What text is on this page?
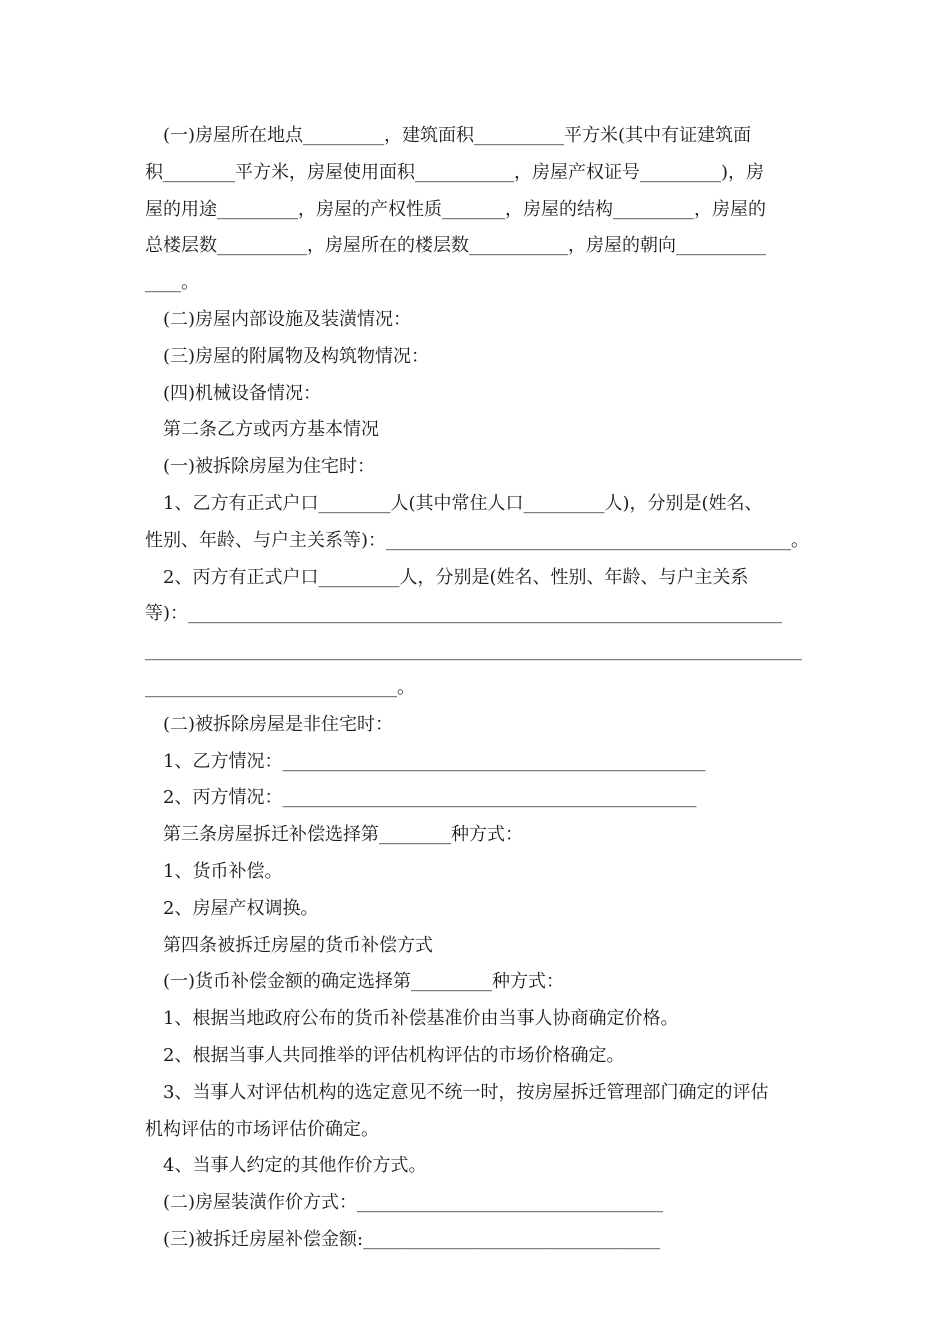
(一)房屋所在地点_________，建筑面积__________平方米(其中有证建筑面
积________平方米，房屋使用面积___________，房屋产权证号_________)，房
屋的用途_________，房屋的产权性质_______，房屋的结构_________，房屋的
总楼层数__________，房屋所在的楼层数___________，房屋的朝向__________
____。
(二)房屋内部设施及装潢情况：
(三)房屋的附属物及构筑物情况：
(四)机械设备情况：
第二条乙方或丙方基本情况
(一)被拆除房屋为住宅时：
1、乙方有正式户口________人(其中常住人口_________人)，分别是(姓名、
性别、年龄、与户主关系等)：_____________________________________________。
2、丙方有正式户口_________人，分别是(姓名、性别、年龄、与户主关系
等)：__________________________________________________________________
_________________________________________________________________________
____________________________。
(二)被拆除房屋是非住宅时：
1、乙方情况：_______________________________________________
2、丙方情况：______________________________________________
第三条房屋拆迁补偿选择第________种方式：
1、货币补偿。
2、房屋产权调换。
第四条被拆迁房屋的货币补偿方式
(一)货币补偿金额的确定选择第_________种方式：
1、根据当地政府公布的货币补偿基准价由当事人协商确定价格。
2、根据当事人共同推举的评估机构评估的市场价格确定。
3、当事人对评估机构的选定意见不统一时，按房屋拆迁管理部门确定的评估
机构评估的市场评估价确定。
4、当事人约定的其他作价方式。
(二)房屋装潢作价方式：__________________________________
(三)被拆迁房屋补偿金额:_________________________________
